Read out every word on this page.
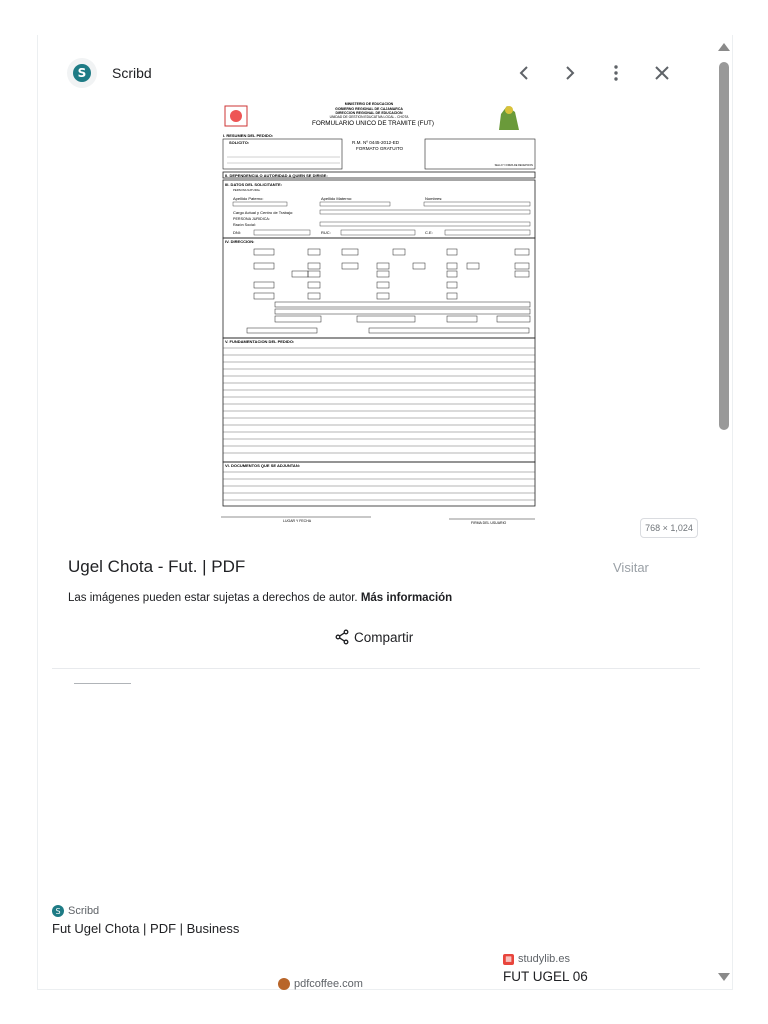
S	Scribd
MINISTERIO DE EDUCACION
GOBIERNO REGIONAL DE CAJAMARCA
DIRECCION REGIONAL DE EDUCACION
UNIDAD DE GESTION EDUCATIVA LOCAL - CHOTA
FORMULARIO UNICO DE TRAMITE (FUT)
I. RESUMEN DEL PEDIDO:
SOLICITO:	R.M. Nº 0445-2012-ED
FORMATO GRATUITO
SELLO Y FIRMA DE RECEPCION
II. DEPENDENCIA O AUTORIDAD A QUIEN SE DIRIGE:
III. DATOS DEL SOLICITANTE:
PERSONA NATURAL
Apellido Paterno:	Apellido Materno:	Nombres:
Cargo Actual y Centro de Trabajo:
PERSONA JURIDICA:
Razón Social:
DNI:	RUC:	C.E:
IV. DIRECCION:
V. FUNDAMENTACION DEL PEDIDO:
VI. DOCUMENTOS QUE SE ADJUNTAN:
LUGAR Y FECHA	FIRMA DEL USUARIO	768 × 1,024
Ugel Chota - Fut. | PDF	Visitar
Las imágenes pueden estar sujetas a derechos de autor. Más información
Compartir
S Scribd
Fut Ugel Chota | PDF | Business
▦ studylib.es
FUT UGEL 06
pdfcoffee.com
